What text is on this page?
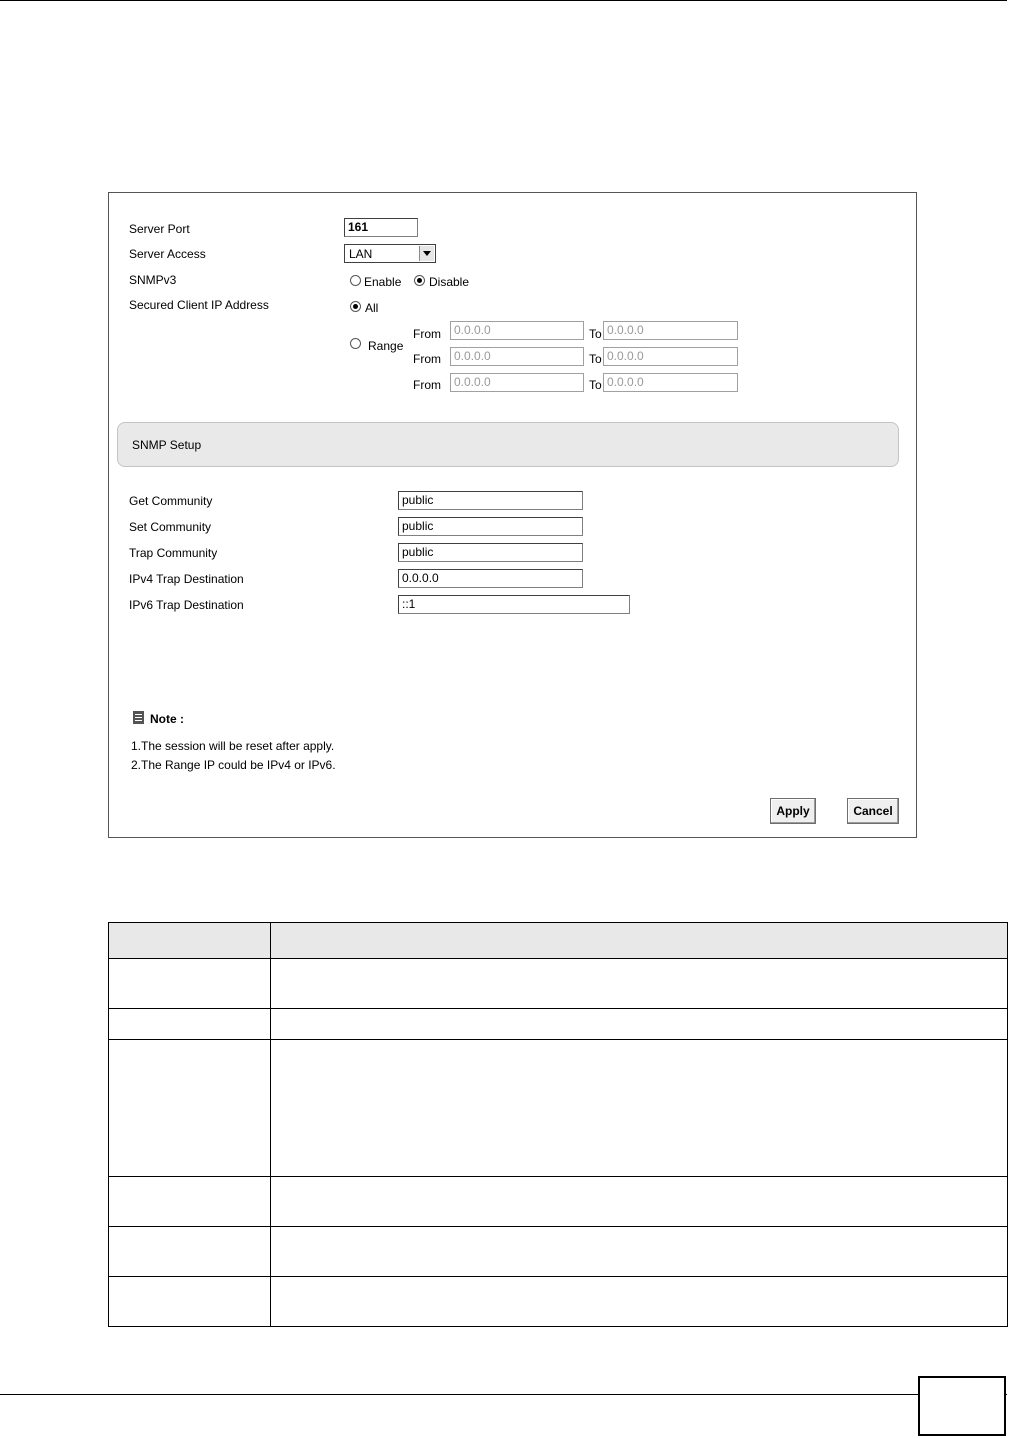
Server Port	161
Server Access	LAN
SNMPv3	Enable Disable
Secured Client IP Address	All
Range
From	0.0.0.0	To 0.0.0.0
From	0.0.0.0	To 0.0.0.0
From	0.0.0.0	To 0.0.0.0
SNMP Setup
Get Community	public
Set Community	public
Trap Community	public
IPv4 Trap Destination	0.0.0.0
IPv6 Trap Destination	::1
Note :
1.The session will be reset after apply.
2.The Range IP could be IPv4 or IPv6.
Apply	Cancel
